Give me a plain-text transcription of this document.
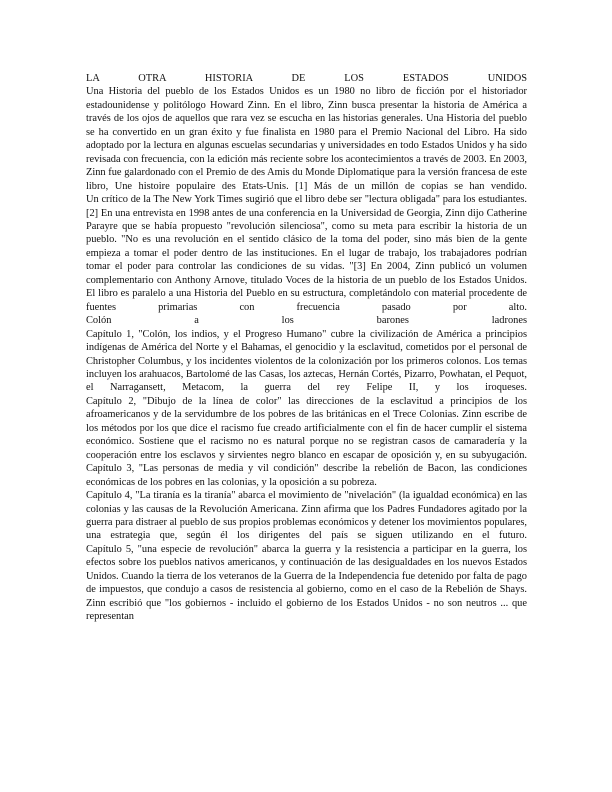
LA OTRA HISTORIA DE LOS ESTADOS UNIDOS

Una Historia del pueblo de los Estados Unidos es un 1980 no libro de ficción por el historiador estadounidense y politólogo Howard Zinn. En el libro, Zinn busca presentar la historia de América a través de los ojos de aquellos que rara vez se escucha en las historias generales. Una Historia del pueblo se ha convertido en un gran éxito y fue finalista en 1980 para el Premio Nacional del Libro. Ha sido adoptado por la lectura en algunas escuelas secundarias y universidades en todo Estados Unidos y ha sido revisada con frecuencia, con la edición más reciente sobre los acontecimientos a través de 2003. En 2003, Zinn fue galardonado con el Premio de des Amis du Monde Diplomatique para la versión francesa de este libro, Une histoire populaire des Etats-Unis. [1] Más de un millón de copias se han vendido.

Un crítico de la The New York Times sugirió que el libro debe ser "lectura obligada" para los estudiantes. [2] En una entrevista en 1998 antes de una conferencia en la Universidad de Georgia, Zinn dijo Catherine Parayre que se había propuesto "revolución silenciosa", como su meta para escribir la historia de un pueblo. "No es una revolución en el sentido clásico de la toma del poder, sino más bien de la gente empieza a tomar el poder dentro de las instituciones. En el lugar de trabajo, los trabajadores podrían tomar el poder para controlar las condiciones de su vidas. "[3] En 2004, Zinn publicó un volumen complementario con Anthony Arnove, titulado Voces de la historia de un pueblo de los Estados Unidos. El libro es paralelo a una Historia del Pueblo en su estructura, completándolo con material procedente de fuentes primarias con frecuencia pasado por alto.

Colón a los barones ladrones

Capítulo 1, "Colón, los indios, y el Progreso Humano" cubre la civilización de América a principios indígenas de América del Norte y el Bahamas, el genocidio y la esclavitud, cometidos por el personal de Christopher Columbus, y los incidentes violentos de la colonización por los primeros colonos. Los temas incluyen los arahuacos, Bartolomé de las Casas, los aztecas, Hernán Cortés, Pizarro, Powhatan, el Pequot, el Narragansett, Metacom, la guerra del rey Felipe II, y los iroqueses.

Capítulo 2, "Dibujo de la línea de color" las direcciones de la esclavitud a principios de los afroamericanos y de la servidumbre de los pobres de las británicas en el Trece Colonias. Zinn escribe de los métodos por los que dice el racismo fue creado artificialmente con el fin de hacer cumplir el sistema económico. Sostiene que el racismo no es natural porque no se registran casos de camaradería y la cooperación entre los esclavos y sirvientes negro blanco en escapar de oposición y, en su subyugación.

Capítulo 3, "Las personas de media y vil condición" describe la rebelión de Bacon, las condiciones económicas de los pobres en las colonias, y la oposición a su pobreza.

Capítulo 4, "La tiranía es la tiranía" abarca el movimiento de "nivelación" (la igualdad económica) en las colonias y las causas de la Revolución Americana. Zinn afirma que los Padres Fundadores agitado por la guerra para distraer al pueblo de sus propios problemas económicos y detener los movimientos populares, una estrategia que, según él los dirigentes del país se siguen utilizando en el futuro.

Capítulo 5, "una especie de revolución" abarca la guerra y la resistencia a participar en la guerra, los efectos sobre los pueblos nativos americanos, y continuación de las desigualdades en los nuevos Estados Unidos. Cuando la tierra de los veteranos de la Guerra de la Independencia fue detenido por falta de pago de impuestos, que condujo a casos de resistencia al gobierno, como en el caso de la Rebelión de Shays. Zinn escribió que "los gobiernos - incluido el gobierno de los Estados Unidos - no son neutros ... que representan
